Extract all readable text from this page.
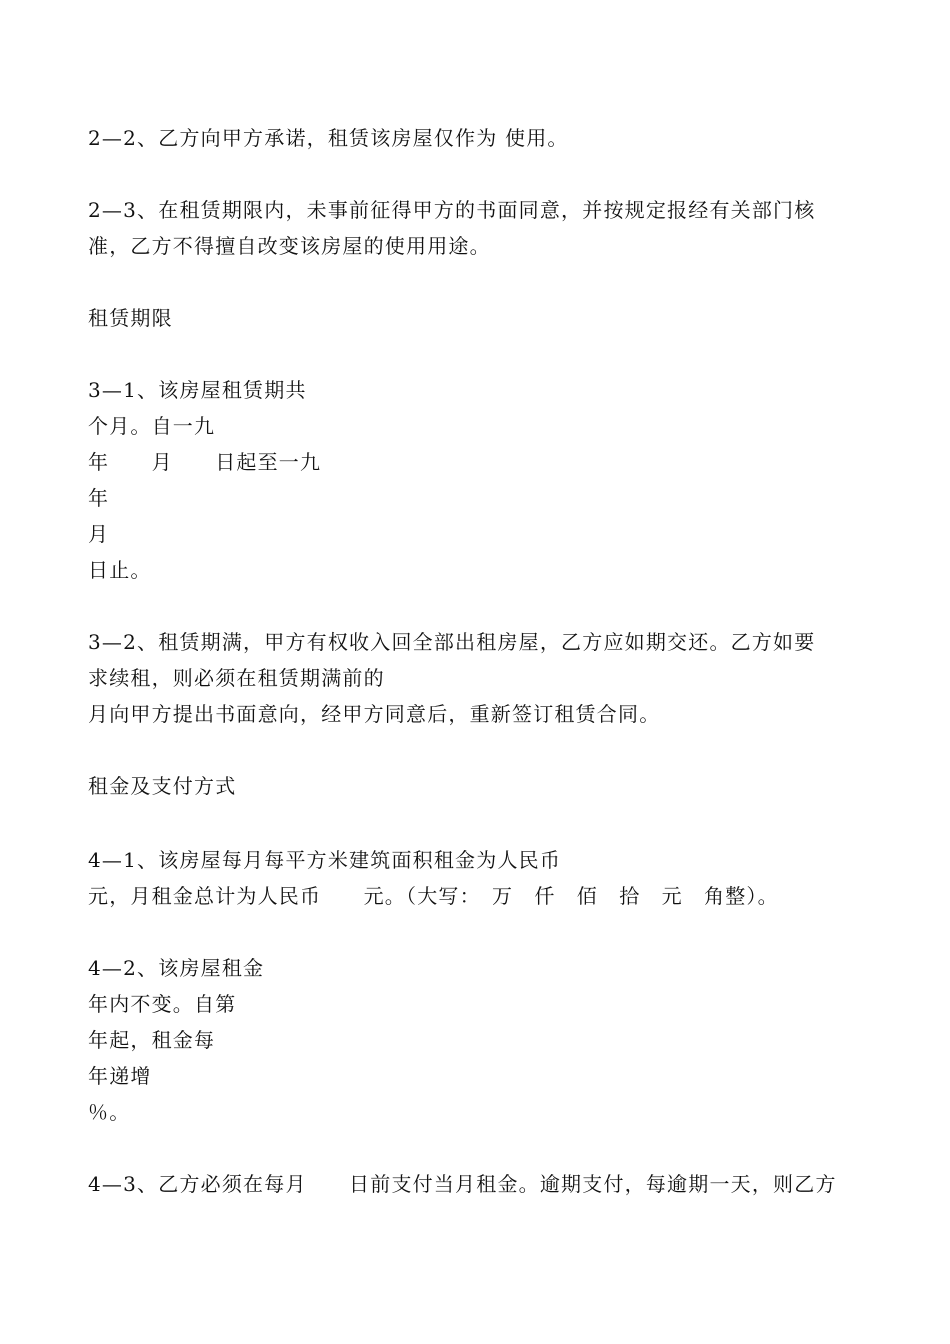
2—2、乙方向甲方承诺，租赁该房屋仅作为 使用。

2—3、在租赁期限内，未事前征得甲方的书面同意，并按规定报经有关部门核

准，乙方不得擅自改变该房屋的使用用途。

租赁期限

3—1、该房屋租赁期共

个月。自一九

年　　月　　日起至一九

年

月

日止。

3—2、租赁期满，甲方有权收入回全部出租房屋，乙方应如期交还。乙方如要

求续租，则必须在租赁期满前的

月向甲方提出书面意向，经甲方同意后，重新签订租赁合同。

租金及支付方式

4—1、该房屋每月每平方米建筑面积租金为人民币

元，月租金总计为人民币　　元。（大写：　万　仟　佰　拾　元　角整）。

4—2、该房屋租金

年内不变。自第

年起，租金每

年递增

％。

4—3、乙方必须在每月　　日前支付当月租金。逾期支付，每逾期一天，则乙方
